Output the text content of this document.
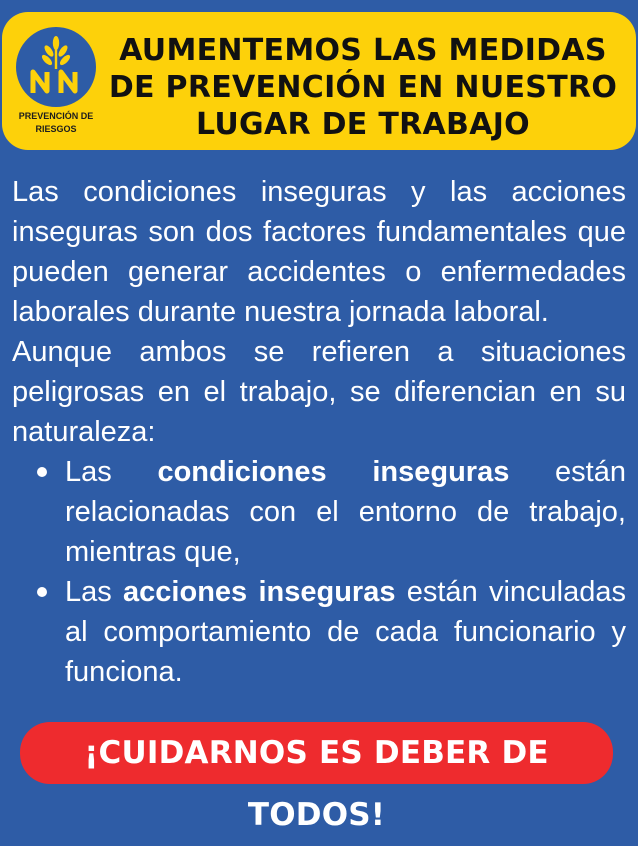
PREVENCIÓN DE RIESGOS
AUMENTEMOS LAS MEDIDAS DE PREVENCIÓN EN NUESTRO LUGAR DE TRABAJO

Las condiciones inseguras y las acciones inseguras son dos factores fundamentales que pueden generar accidentes o enfermedades laborales durante nuestra jornada laboral.

Aunque ambos se refieren a situaciones peligrosas en el trabajo, se diferencian en su naturaleza:

Las condiciones inseguras están relacionadas con el entorno de trabajo, mientras que,
Las acciones inseguras están vinculadas al comportamiento de cada funcionario y funciona.
¡CUIDARNOS ES DEBER DE TODOS!
